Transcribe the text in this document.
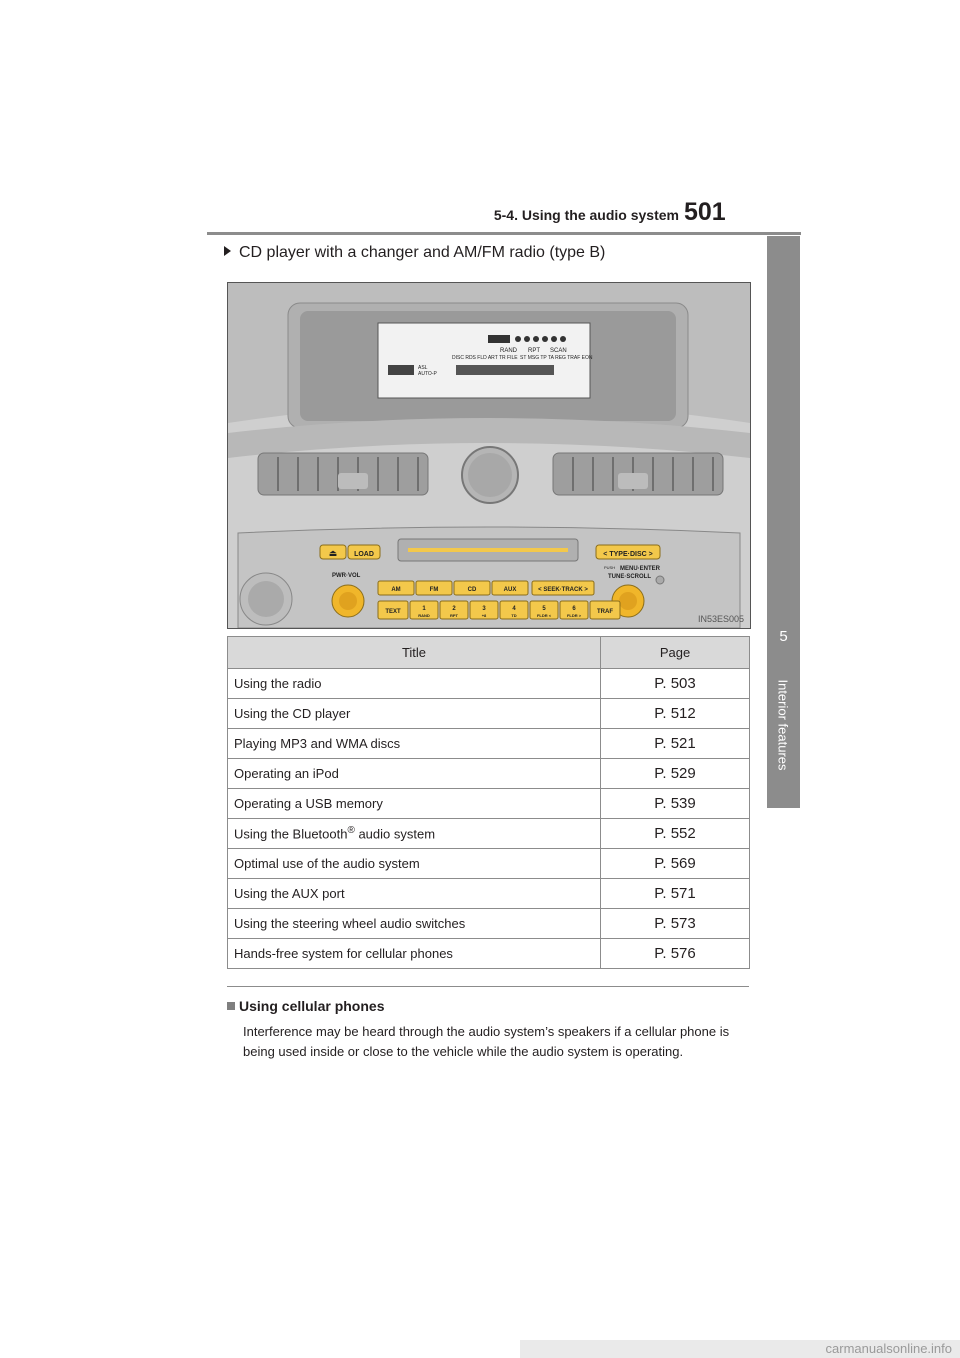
5-4. Using the audio system 501
5
Interior features
CD player with a changer and AM/FM radio (type B)
RAND RPT SCAN
DISC RDS FLD ART TR FILE ST MSG TP TA REG TRAF EON
ASL
AUTO-P
⏏ LOAD	< TYPE·DISC >
PWR·VOL
PUSH MENU·ENTER
TUNE·SCROLL
AM	FM	CD	AUX	< SEEK·TRACK >
TEXT	1
RAND
2
RPT
3
+8
4
TD
5
FLDR <
6
FLDR >
TRAF
IN53ES005
Title	Page
Using the radio	P. 503
Using the CD player	P. 512
Playing MP3 and WMA discs	P. 521
Operating an iPod	P. 529
Operating a USB memory	P. 539
Using the Bluetooth® audio system	P. 552
Optimal use of the audio system	P. 569
Using the AUX port	P. 571
Using the steering wheel audio switches	P. 573
Hands-free system for cellular phones	P. 576
Using cellular phones
Interference may be heard through the audio system’s speakers if a cellular phone is being used inside or close to the vehicle while the audio system is operating.
carmanualsonline.info
